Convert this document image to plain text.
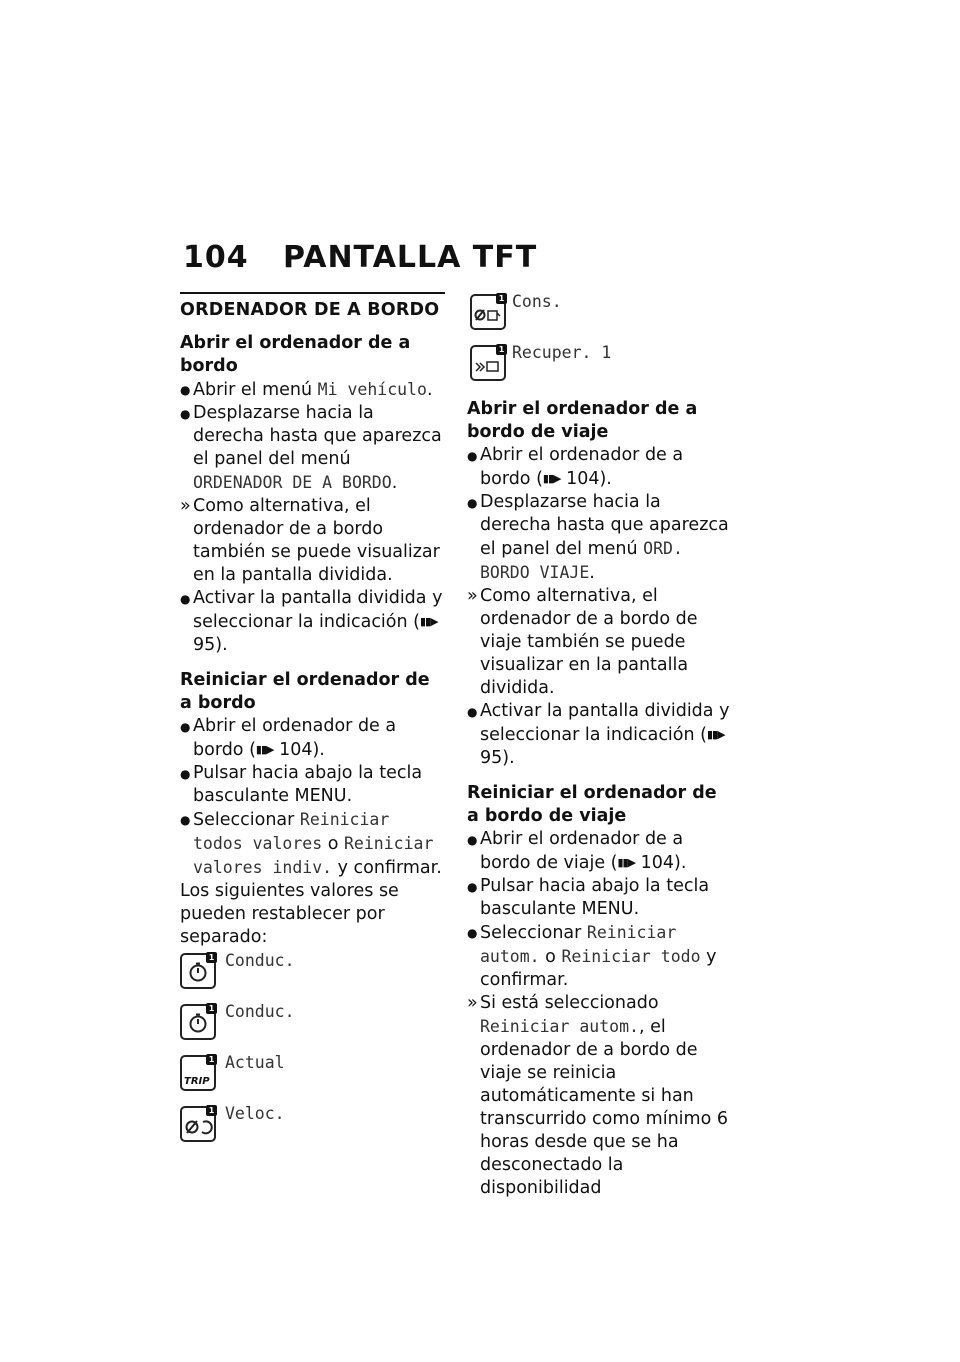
104 PANTALLA TFT
ORDENADOR DE A BORDO
Abrir el ordenador de a bordo
● Abrir el menú Mi vehículo.
● Desplazarse hacia la derecha hasta que aparezca el panel del menú ORDENADOR DE A BORDO.
» Como alternativa, el ordenador de a bordo también se puede visualizar en la pantalla dividida.
● Activar la pantalla dividida y seleccionar la indicación (▮▮▶ 95).
Reiniciar el ordenador de a bordo
● Abrir el ordenador de a bordo (▮▮▶ 104).
● Pulsar hacia abajo la tecla basculante MENU.
● Seleccionar Reiniciar todos valores o Reiniciar valores indiv. y confirmar.
Los siguientes valores se pueden restablecer por separado:
1 Conduc.
1 Conduc.
1
TRIP
Actual
1 Veloc.
1 Cons.
1 Recuper. 1
Abrir el ordenador de a bordo de viaje
● Abrir el ordenador de a bordo (▮▮▶ 104).
● Desplazarse hacia la derecha hasta que aparezca el panel del menú ORD. BORDO VIAJE.
» Como alternativa, el ordenador de a bordo de viaje también se puede visualizar en la pantalla dividida.
● Activar la pantalla dividida y seleccionar la indicación (▮▮▶ 95).
Reiniciar el ordenador de a bordo de viaje
● Abrir el ordenador de a bordo de viaje (▮▮▶ 104).
● Pulsar hacia abajo la tecla basculante MENU.
● Seleccionar Reiniciar autom. o Reiniciar todo y confirmar.
» Si está seleccionado Reiniciar autom., el ordenador de a bordo de viaje se reinicia automáticamente si han transcurrido como mínimo 6 horas desde que se ha desconectado la disponibilidad
